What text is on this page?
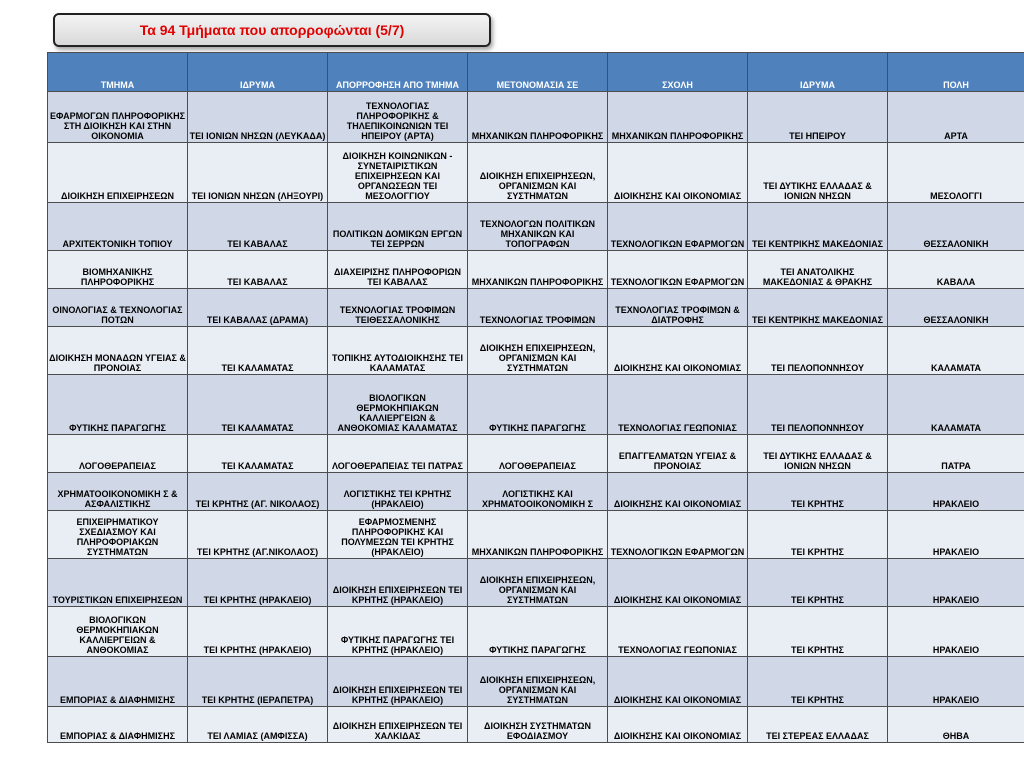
Τα 94 Τμήματα που απορροφώνται (5/7)
ΤΜΗΜΑ	ΙΔΡΥΜΑ	ΑΠΟΡΡΟΦΗΣΗ ΑΠΟ ΤΜΗΜΑ	ΜΕΤΟΝΟΜΑΣΙΑ ΣΕ	ΣΧΟΛΗ	ΙΔΡΥΜΑ	ΠΟΛΗ
ΕΦΑΡΜΟΓΩΝ ΠΛΗΡΟΦΟΡΙΚΗΣ ΣΤΗ ΔΙΟΙΚΗΣΗ ΚΑΙ ΣΤΗΝ ΟΙΚΟΝΟΜΙΑ	ΤΕΙ ΙΟΝΙΩΝ ΝΗΣΩΝ (ΛΕΥΚΑΔΑ)	ΤΕΧΝΟΛΟΓΙΑΣ ΠΛΗΡΟΦΟΡΙΚΗΣ & ΤΗΛΕΠΙΚΟΙΝΩΝΙΩΝ ΤΕΙ ΗΠΕΙΡΟΥ (ΑΡΤΑ)	ΜΗΧΑΝΙΚΩΝ ΠΛΗΡΟΦΟΡΙΚΗΣ	ΜΗΧΑΝΙΚΩΝ ΠΛΗΡΟΦΟΡΙΚΗΣ	ΤΕΙ ΗΠΕΙΡΟΥ	ΑΡΤΑ
ΔΙΟΙΚΗΣΗ ΕΠΙΧΕΙΡΗΣΕΩΝ	ΤΕΙ ΙΟΝΙΩΝ ΝΗΣΩΝ (ΛΗΞΟΥΡΙ)	ΔΙΟΙΚΗΣΗ ΚΟΙΝΩΝΙΚΩΝ - ΣΥΝΕΤΑΙΡΙΣΤΙΚΩΝ ΕΠΙΧΕΙΡΗΣΕΩΝ ΚΑΙ ΟΡΓΑΝΩΣΕΩΝ ΤΕΙ ΜΕΣΟΛΟΓΓΙΟΥ	ΔΙΟΙΚΗΣΗ ΕΠΙΧΕΙΡΗΣΕΩΝ, ΟΡΓΑΝΙΣΜΩΝ ΚΑΙ ΣΥΣΤΗΜΑΤΩΝ	ΔΙΟΙΚΗΣΗΣ ΚΑΙ ΟΙΚΟΝΟΜΙΑΣ	ΤΕΙ ΔΥΤΙΚΗΣ ΕΛΛΑΔΑΣ & ΙΟΝΙΩΝ ΝΗΣΩΝ	ΜΕΣΟΛΟΓΓΙ
ΑΡΧΙΤΕΚΤΟΝΙΚΗ ΤΟΠΙΟΥ	ΤΕΙ ΚΑΒΑΛΑΣ	ΠΟΛΙΤΙΚΩΝ ΔΟΜΙΚΩΝ ΕΡΓΩΝ ΤΕΙ ΣΕΡΡΩΝ	ΤΕΧΝΟΛΟΓΩΝ ΠΟΛΙΤΙΚΩΝ ΜΗΧΑΝΙΚΩΝ ΚΑΙ ΤΟΠΟΓΡΑΦΩΝ	ΤΕΧΝΟΛΟΓΙΚΩΝ ΕΦΑΡΜΟΓΩΝ	ΤΕΙ ΚΕΝΤΡΙΚΗΣ ΜΑΚΕΔΟΝΙΑΣ	ΘΕΣΣΑΛΟΝΙΚΗ
ΒΙΟΜΗΧΑΝΙΚΗΣ ΠΛΗΡΟΦΟΡΙΚΗΣ	ΤΕΙ ΚΑΒΑΛΑΣ	ΔΙΑΧΕΙΡΙΣΗΣ ΠΛΗΡΟΦΟΡΙΩΝ ΤΕΙ ΚΑΒΑΛΑΣ	ΜΗΧΑΝΙΚΩΝ ΠΛΗΡΟΦΟΡΙΚΗΣ	ΤΕΧΝΟΛΟΓΙΚΩΝ ΕΦΑΡΜΟΓΩΝ	ΤΕΙ ΑΝΑΤΟΛΙΚΗΣ ΜΑΚΕΔΟΝΙΑΣ & ΘΡΑΚΗΣ	ΚΑΒΑΛΑ
ΟΙΝΟΛΟΓΙΑΣ & ΤΕΧΝΟΛΟΓΙΑΣ ΠΟΤΩΝ	ΤΕΙ ΚΑΒΑΛΑΣ (ΔΡΑΜΑ)	ΤΕΧΝΟΛΟΓΙΑΣ ΤΡΟΦΙΜΩΝ ΤΕΙΘΕΣΣΑΛΟΝΙΚΗΣ	ΤΕΧΝΟΛΟΓΙΑΣ ΤΡΟΦΙΜΩΝ	ΤΕΧΝΟΛΟΓΙΑΣ ΤΡΟΦΙΜΩΝ & ΔΙΑΤΡΟΦΗΣ	ΤΕΙ ΚΕΝΤΡΙΚΗΣ ΜΑΚΕΔΟΝΙΑΣ	ΘΕΣΣΑΛΟΝΙΚΗ
ΔΙΟΙΚΗΣΗ ΜΟΝΑΔΩΝ ΥΓΕΙΑΣ & ΠΡΟΝΟΙΑΣ	ΤΕΙ ΚΑΛΑΜΑΤΑΣ	ΤΟΠΙΚΗΣ ΑΥΤΟΔΙΟΙΚΗΣΗΣ ΤΕΙ ΚΑΛΑΜΑΤΑΣ	ΔΙΟΙΚΗΣΗ ΕΠΙΧΕΙΡΗΣΕΩΝ, ΟΡΓΑΝΙΣΜΩΝ ΚΑΙ ΣΥΣΤΗΜΑΤΩΝ	ΔΙΟΙΚΗΣΗΣ ΚΑΙ ΟΙΚΟΝΟΜΙΑΣ	ΤΕΙ ΠΕΛΟΠΟΝΝΗΣΟΥ	ΚΑΛΑΜΑΤΑ
ΦΥΤΙΚΗΣ ΠΑΡΑΓΩΓΗΣ	ΤΕΙ ΚΑΛΑΜΑΤΑΣ	ΒΙΟΛΟΓΙΚΩΝ ΘΕΡΜΟΚΗΠΙΑΚΩΝ ΚΑΛΛΙΕΡΓΕΙΩΝ & ΑΝΘΟΚΟΜΙΑΣ ΚΑΛΑΜΑΤΑΣ	ΦΥΤΙΚΗΣ ΠΑΡΑΓΩΓΗΣ	ΤΕΧΝΟΛΟΓΙΑΣ ΓΕΩΠΟΝΙΑΣ	ΤΕΙ ΠΕΛΟΠΟΝΝΗΣΟΥ	ΚΑΛΑΜΑΤΑ
ΛΟΓΟΘΕΡΑΠΕΙΑΣ	ΤΕΙ ΚΑΛΑΜΑΤΑΣ	ΛΟΓΟΘΕΡΑΠΕΙΑΣ ΤΕΙ ΠΑΤΡΑΣ	ΛΟΓΟΘΕΡΑΠΕΙΑΣ	ΕΠΑΓΓΕΛΜΑΤΩΝ ΥΓΕΙΑΣ & ΠΡΟΝΟΙΑΣ	ΤΕΙ ΔΥΤΙΚΗΣ ΕΛΛΑΔΑΣ & ΙΟΝΙΩΝ ΝΗΣΩΝ	ΠΑΤΡΑ
ΧΡΗΜΑΤΟΟΙΚΟΝΟΜΙΚΗ Σ & ΑΣΦΑΛΙΣΤΙΚΗΣ	ΤΕΙ ΚΡΗΤΗΣ (ΑΓ. ΝΙΚΟΛΑΟΣ)	ΛΟΓΙΣΤΙΚΗΣ ΤΕΙ ΚΡΗΤΗΣ (ΗΡΑΚΛΕΙΟ)	ΛΟΓΙΣΤΙΚΗΣ ΚΑΙ ΧΡΗΜΑΤΟΟΙΚΟΝΟΜΙΚΗ Σ	ΔΙΟΙΚΗΣΗΣ ΚΑΙ ΟΙΚΟΝΟΜΙΑΣ	ΤΕΙ ΚΡΗΤΗΣ	ΗΡΑΚΛΕΙΟ
ΕΠΙΧΕΙΡΗΜΑΤΙΚΟΥ ΣΧΕΔΙΑΣΜΟΥ ΚΑΙ ΠΛΗΡΟΦΟΡΙΑΚΩΝ ΣΥΣΤΗΜΑΤΩΝ	ΤΕΙ ΚΡΗΤΗΣ (ΑΓ.ΝΙΚΟΛΑΟΣ)	ΕΦΑΡΜΟΣΜΕΝΗΣ ΠΛΗΡΟΦΟΡΙΚΗΣ ΚΑΙ ΠΟΛΥΜΕΣΩΝ ΤΕΙ ΚΡΗΤΗΣ (ΗΡΑΚΛΕΙΟ)	ΜΗΧΑΝΙΚΩΝ ΠΛΗΡΟΦΟΡΙΚΗΣ	ΤΕΧΝΟΛΟΓΙΚΩΝ ΕΦΑΡΜΟΓΩΝ	ΤΕΙ ΚΡΗΤΗΣ	ΗΡΑΚΛΕΙΟ
ΤΟΥΡΙΣΤΙΚΩΝ ΕΠΙΧΕΙΡΗΣΕΩΝ	ΤΕΙ ΚΡΗΤΗΣ (ΗΡΑΚΛΕΙΟ)	ΔΙΟΙΚΗΣΗ ΕΠΙΧΕΙΡΗΣΕΩΝ ΤΕΙ ΚΡΗΤΗΣ (ΗΡΑΚΛΕΙΟ)	ΔΙΟΙΚΗΣΗ ΕΠΙΧΕΙΡΗΣΕΩΝ, ΟΡΓΑΝΙΣΜΩΝ ΚΑΙ ΣΥΣΤΗΜΑΤΩΝ	ΔΙΟΙΚΗΣΗΣ ΚΑΙ ΟΙΚΟΝΟΜΙΑΣ	ΤΕΙ ΚΡΗΤΗΣ	ΗΡΑΚΛΕΙΟ
ΒΙΟΛΟΓΙΚΩΝ ΘΕΡΜΟΚΗΠΙΑΚΩΝ ΚΑΛΛΙΕΡΓΕΙΩΝ & ΑΝΘΟΚΟΜΙΑΣ	ΤΕΙ ΚΡΗΤΗΣ (ΗΡΑΚΛΕΙΟ)	ΦΥΤΙΚΗΣ ΠΑΡΑΓΩΓΗΣ ΤΕΙ ΚΡΗΤΗΣ (ΗΡΑΚΛΕΙΟ)	ΦΥΤΙΚΗΣ ΠΑΡΑΓΩΓΗΣ	ΤΕΧΝΟΛΟΓΙΑΣ ΓΕΩΠΟΝΙΑΣ	ΤΕΙ ΚΡΗΤΗΣ	ΗΡΑΚΛΕΙΟ
ΕΜΠΟΡΙΑΣ & ΔΙΑΦΗΜΙΣΗΣ	ΤΕΙ ΚΡΗΤΗΣ (ΙΕΡΑΠΕΤΡΑ)	ΔΙΟΙΚΗΣΗ ΕΠΙΧΕΙΡΗΣΕΩΝ ΤΕΙ ΚΡΗΤΗΣ (ΗΡΑΚΛΕΙΟ)	ΔΙΟΙΚΗΣΗ ΕΠΙΧΕΙΡΗΣΕΩΝ, ΟΡΓΑΝΙΣΜΩΝ ΚΑΙ ΣΥΣΤΗΜΑΤΩΝ	ΔΙΟΙΚΗΣΗΣ ΚΑΙ ΟΙΚΟΝΟΜΙΑΣ	ΤΕΙ ΚΡΗΤΗΣ	ΗΡΑΚΛΕΙΟ
ΕΜΠΟΡΙΑΣ & ΔΙΑΦΗΜΙΣΗΣ	ΤΕΙ ΛΑΜΙΑΣ (ΑΜΦΙΣΣΑ)	ΔΙΟΙΚΗΣΗ ΕΠΙΧΕΙΡΗΣΕΩΝ ΤΕΙ ΧΑΛΚΙΔΑΣ	ΔΙΟΙΚΗΣΗ ΣΥΣΤΗΜΑΤΩΝ ΕΦΟΔΙΑΣΜΟΥ	ΔΙΟΙΚΗΣΗΣ ΚΑΙ ΟΙΚΟΝΟΜΙΑΣ	ΤΕΙ ΣΤΕΡΕΑΣ ΕΛΛΑΔΑΣ	ΘΗΒΑ
